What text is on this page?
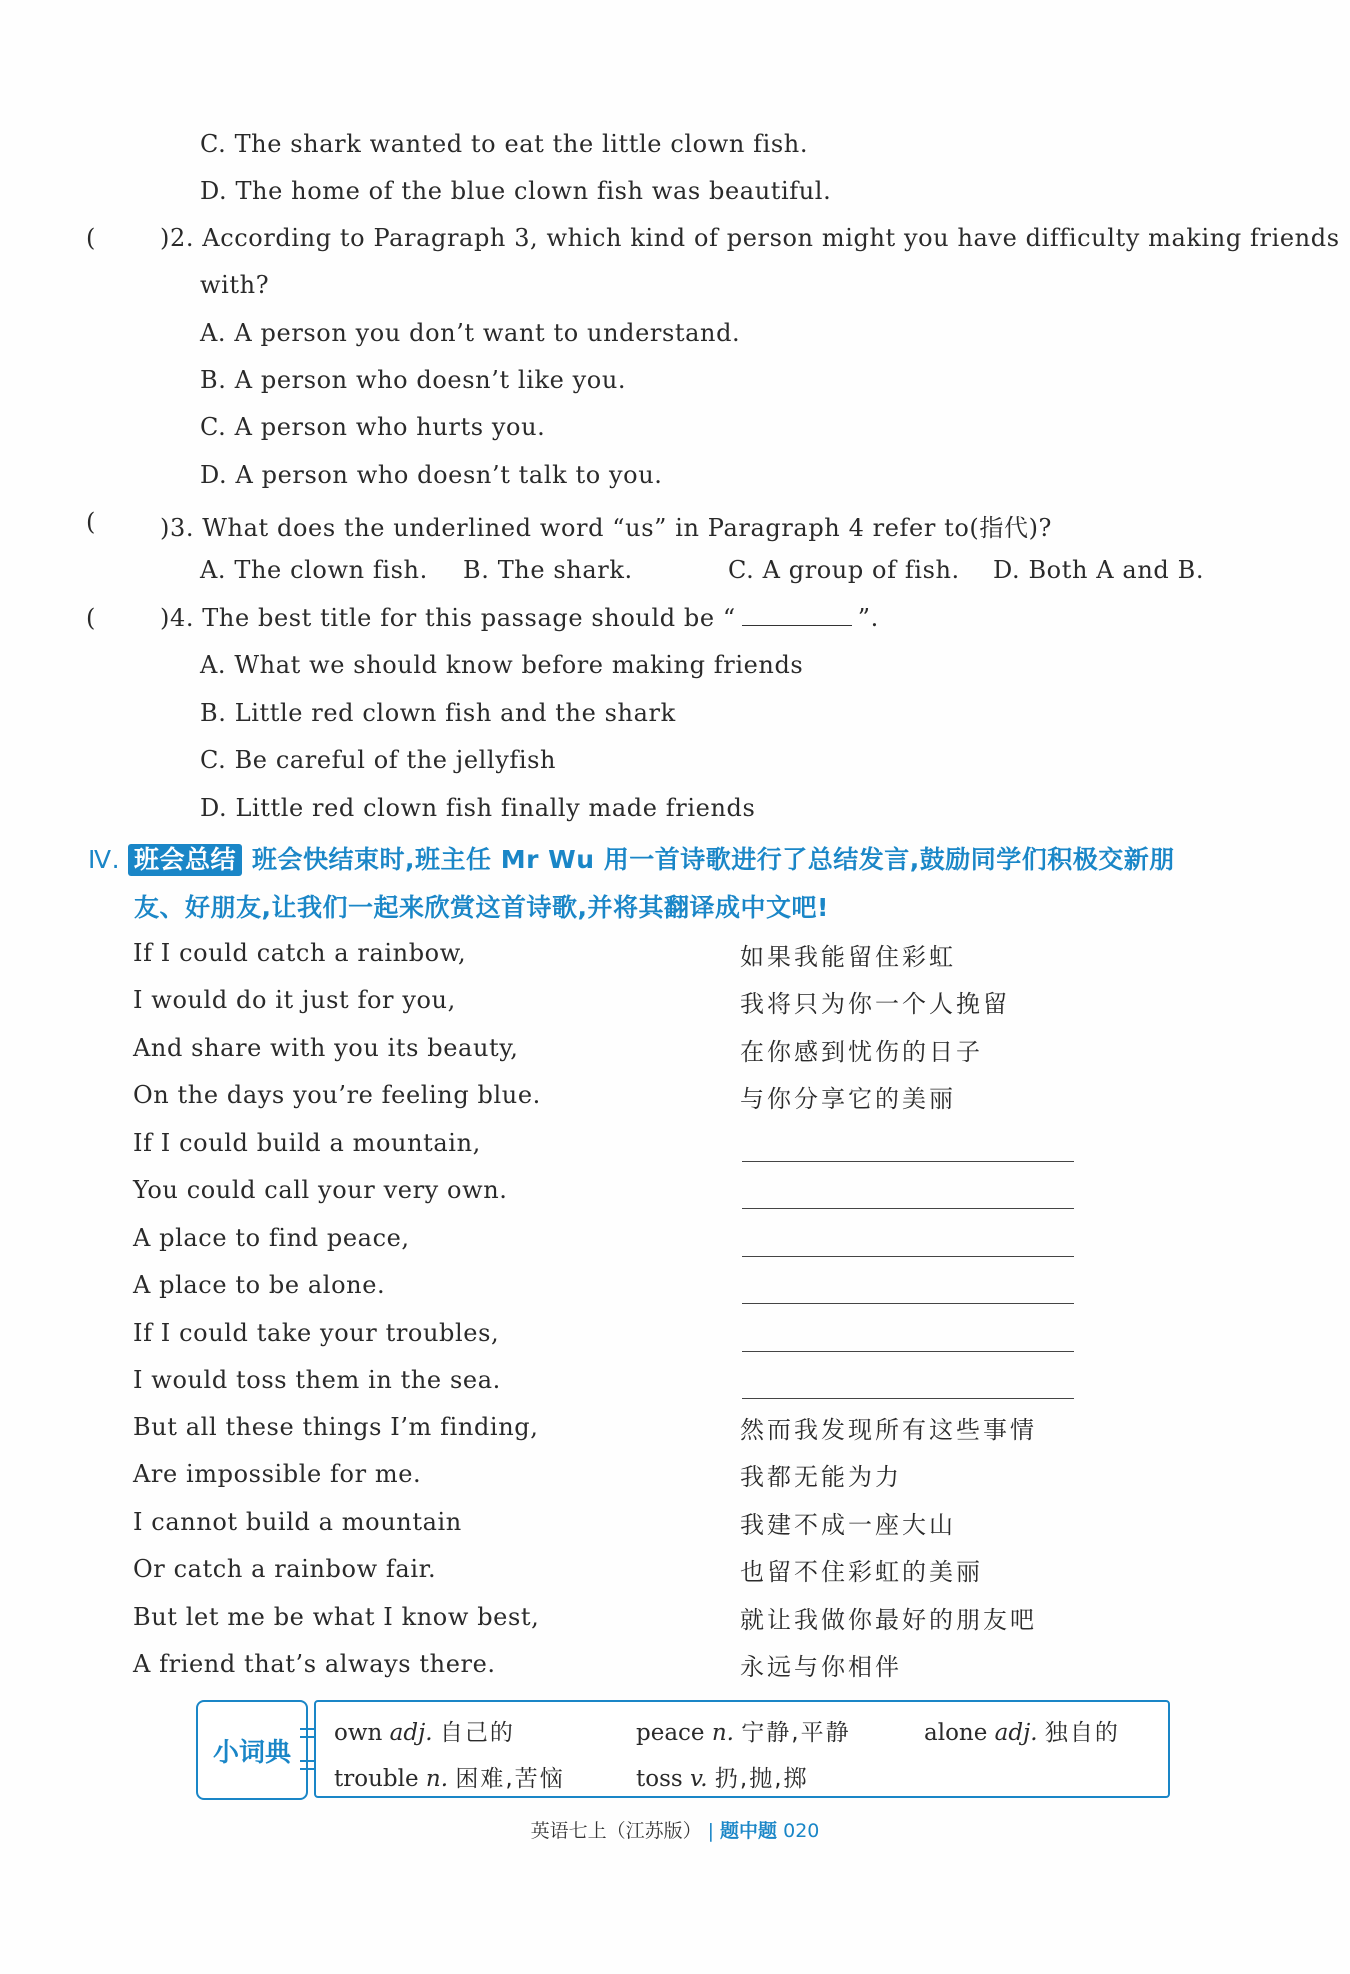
C. The shark wanted to eat the little clown fish.
D. The home of the blue clown fish was beautiful.
(	)2. According to Paragraph 3, which kind of person might you have difficulty making friends
with?
A. A person you don’t want to understand.
B. A person who doesn’t like you.
C. A person who hurts you.
D. A person who doesn’t talk to you.
(	)3. What does the underlined word “us” in Paragraph 4 refer to(指代)?
A. The clown fish. B. The shark.	C. A group of fish. D. Both A and B.
(	)4. The best title for this passage should be “	”.
A. What we should know before making friends
B. Little red clown fish and the shark
C. Be careful of the jellyfish
D. Little red clown fish finally made friends
Ⅳ. 班会总结 班会快结束时,班主任 Mr Wu 用一首诗歌进行了总结发言,鼓励同学们积极交新朋
友、好朋友,让我们一起来欣赏这首诗歌,并将其翻译成中文吧!
If I could catch a rainbow,	如果我能留住彩虹
I would do it just for you,	我将只为你一个人挽留
And share with you its beauty,	在你感到忧伤的日子
On the days you’re feeling blue.	与你分享它的美丽
If I could build a mountain,
You could call your very own.
A place to find peace,
A place to be alone.
If I could take your troubles,
I would toss them in the sea.
But all these things I’m finding,	然而我发现所有这些事情
Are impossible for me.	我都无能为力
I cannot build a mountain	我建不成一座大山
Or catch a rainbow fair.	也留不住彩虹的美丽
But let me be what I know best,	就让我做你最好的朋友吧
A friend that’s always there.	永远与你相伴
小词典
own adj. 自己的	peace n. 宁静,平静	alone adj. 独自的
trouble n. 困难,苦恼	toss v. 扔,抛,掷
英语七上（江苏版） | 题中题 020
